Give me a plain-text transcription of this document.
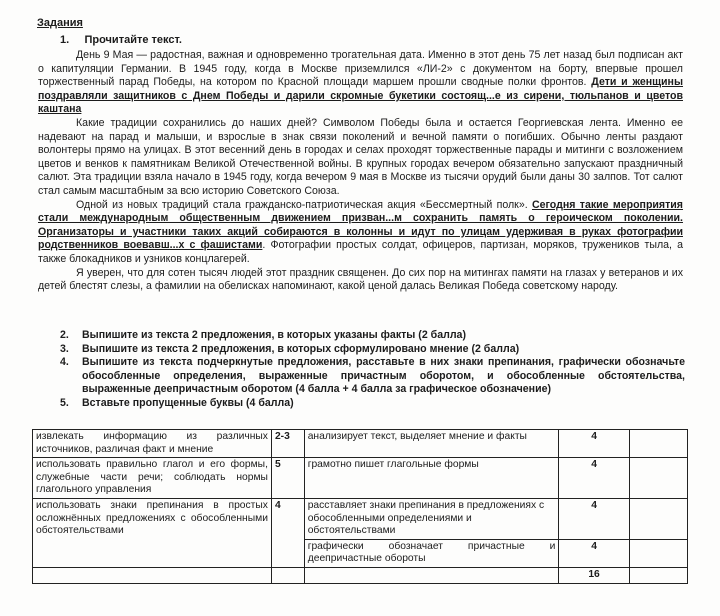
Задания
1. Прочитайте текст.

День 9 Мая — радостная, важная и одновременно трогательная дата. Именно в этот день 75 лет назад был подписан акт о капитуляции Германии. В 1945 году, когда в Москве приземлился «ЛИ-2» с документом на борту, впервые прошел торжественный парад Победы, на котором по Красной площади маршем прошли сводные полки фронтов. Дети и женщины поздравляли защитников с Днем Победы и дарили скромные букетики состоящ...е из сирени, тюльпанов и цветов каштана

Какие традиции сохранились до наших дней? Символом Победы была и остается Георгиевская лента. Именно ее надевают на парад и малыши, и взрослые в знак связи поколений и вечной памяти о погибших. Обычно ленты раздают волонтеры прямо на улицах. В этот весенний день в городах и селах проходят торжественные парады и митинги с возложением цветов и венков к памятникам Великой Отечественной войны. В крупных городах вечером обязательно запускают праздничный салют. Эта традиции взяла начало в 1945 году, когда вечером 9 мая в Москве из тысячи орудий были даны 30 залпов. Тот салют стал самым масштабным за всю историю Советского Союза.

Одной из новых традиций стала гражданско-патриотическая акция «Бессмертный полк». Сегодня такие мероприятия стали международным общественным движением призван...м сохранить память о героическом поколении. Организаторы и участники таких акций собираются в колонны и идут по улицам удерживая в руках фотографии родственников воевавш...х с фашистами. Фотографии простых солдат, офицеров, партизан, моряков, тружеников тыла, а также блокадников и узников концлагерей.

Я уверен, что для сотен тысяч людей этот праздник священен. До сих пор на митингах памяти на глазах у ветеранов и их детей блестят слезы, а фамилии на обелисках напоминают, какой ценой далась Великая Победа советскому народу.

2.	Выпишите из текста 2 предложения, в которых указаны факты (2 балла)
3.	Выпишите из текста 2 предложения, в которых сформулировано мнение (2 балла)
4.	Выпишите из текста подчеркнутые предложения, расставьте в них знаки препинания, графически обозначьте обособленные определения, выраженные причастным оборотом, и обособленные обстоятельства, выраженные деепричастным оборотом (4 балла + 4 балла за графическое обозначение)
5.	Вставьте пропущенные буквы (4 балла)
извлекать информацию из различных источников, различая факт и мнение	2-3	анализирует текст, выделяет мнение и факты	4	
использовать правильно глагол и его формы, служебные части речи; соблюдать нормы глагольного управления	5	грамотно пишет глагольные формы	4	
использовать знаки препинания в простых осложнённых предложениях с обособленными обстоятельствами	4	расставляет знаки препинания в предложениях с обособленными определениями и обстоятельствами	4	

		графически обозначает причастные и деепричастные обороты	4	
			16	
